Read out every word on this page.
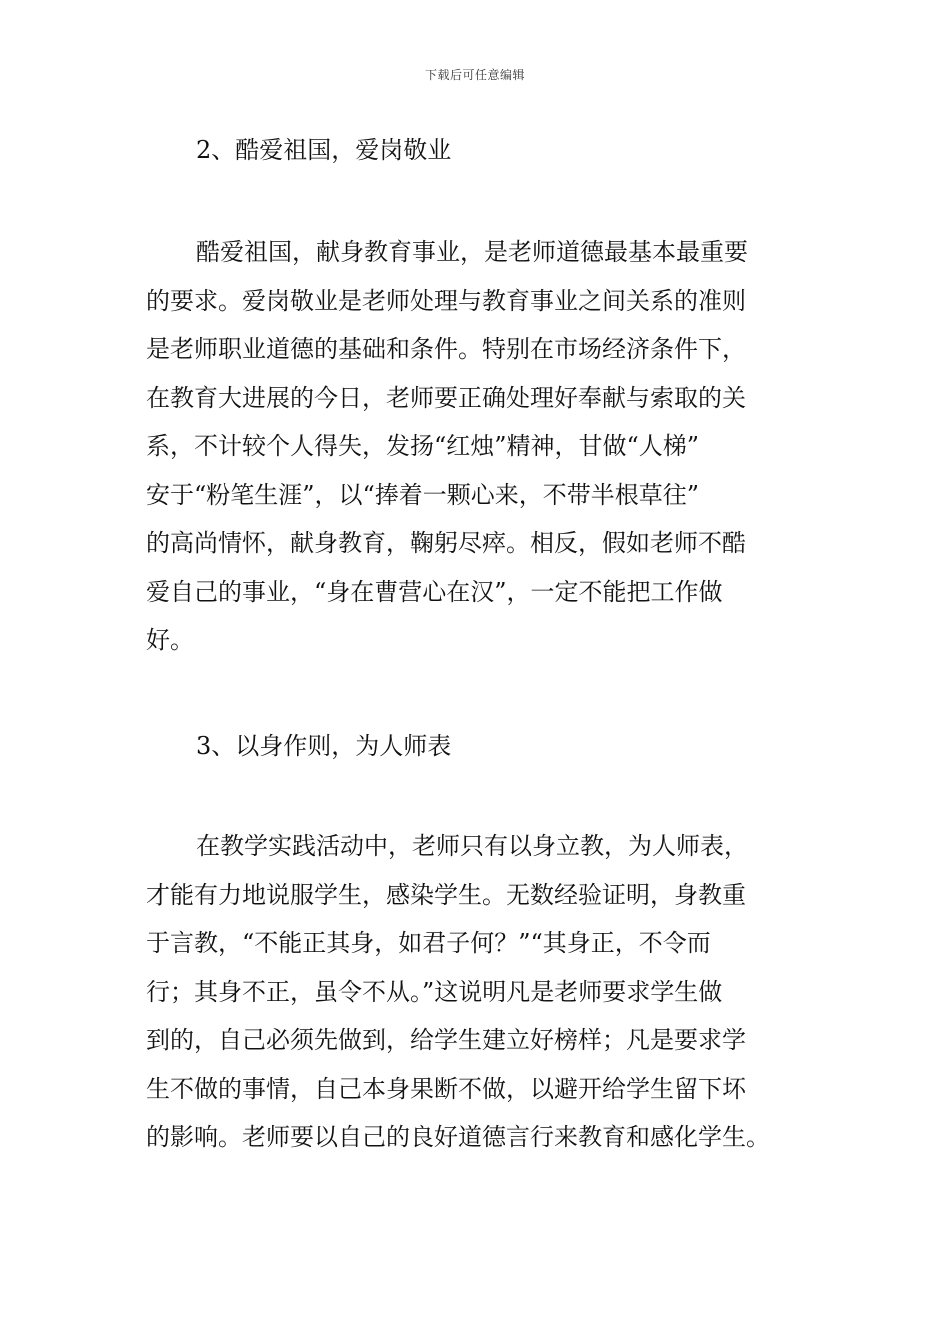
下载后可任意编辑
2、酷爱祖国，爱岗敬业
酷爱祖国，献身教育事业，是老师道德最基本最重要
的要求。爱岗敬业是老师处理与教育事业之间关系的准则
是老师职业道德的基础和条件。特别在市场经济条件下，
在教育大进展的今日，老师要正确处理好奉献与索取的关
系，不计较个人得失，发扬“红烛”精神，甘做“人梯”
安于“粉笔生涯”，以“捧着一颗心来，不带半根草往”
的高尚情怀，献身教育，鞠躬尽瘁。相反，假如老师不酷
爱自己的事业，“身在曹营心在汉”，一定不能把工作做
好。
3、以身作则，为人师表
在教学实践活动中，老师只有以身立教，为人师表，
才能有力地说服学生，感染学生。无数经验证明，身教重
于言教，“不能正其身，如君子何？”“其身正，不令而
行；其身不正，虽令不从。”这说明凡是老师要求学生做
到的，自己必须先做到，给学生建立好榜样；凡是要求学
生不做的事情，自己本身果断不做，以避开给学生留下坏
的影响。老师要以自己的良好道德言行来教育和感化学生。
